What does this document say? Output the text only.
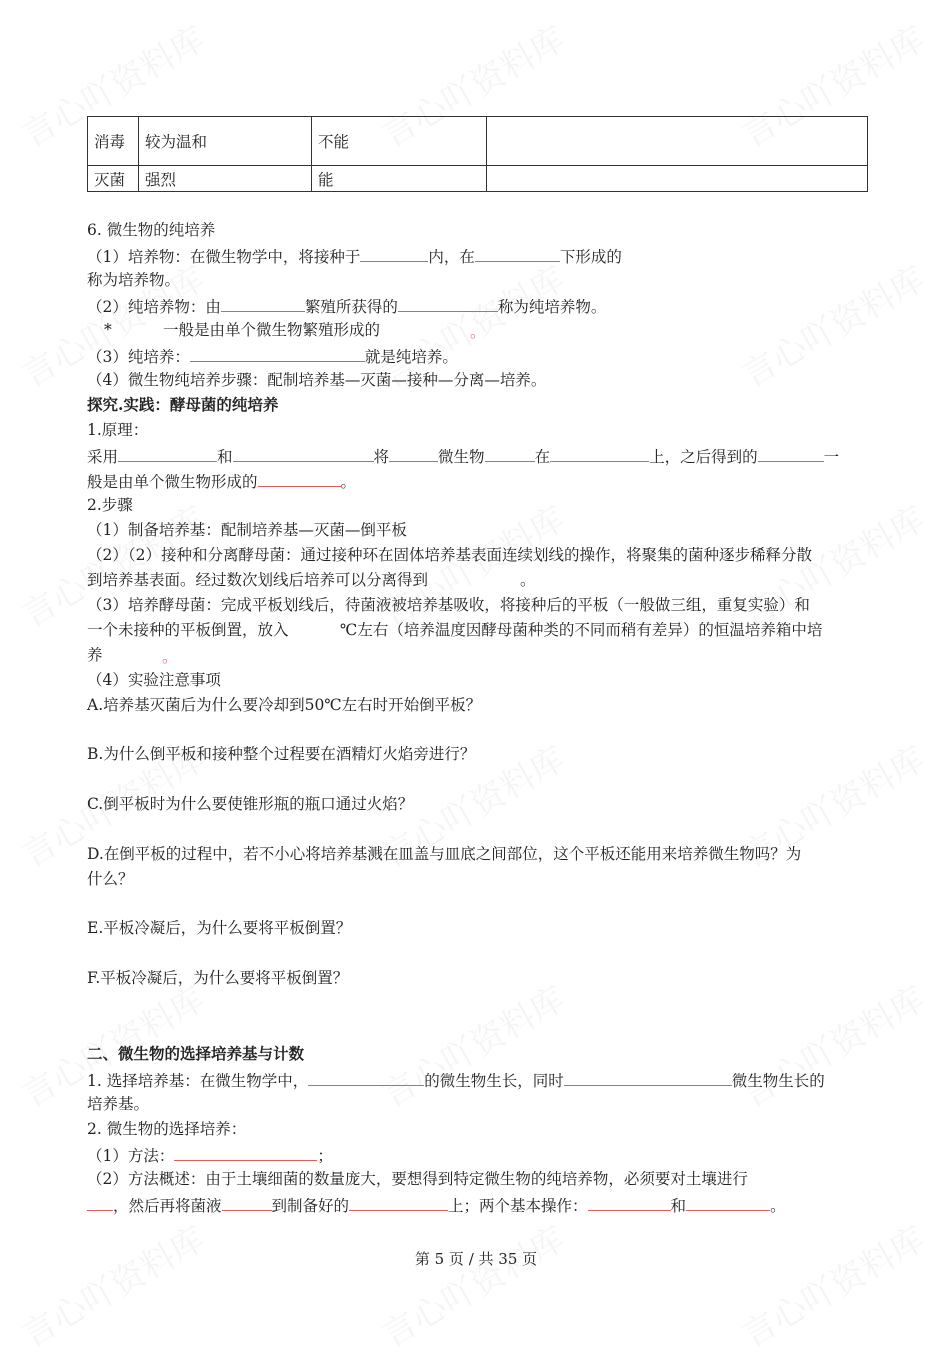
消毒	较为温和	不能	
灭菌	强烈	能	
6. 微生物的纯培养
（1）培养物：在微生物学中，将接种于	内，在	下形成的
称为培养物。
（2）纯培养物：由	繁殖所获得的	称为纯培养物。
*	一般是由单个微生物繁殖形成的	。
（3）纯培养：	就是纯培养。
（4）微生物纯培养步骤：配制培养基—灭菌—接种—分离—培养。
探究.实践：酵母菌的纯培养
1.原理：
采用	和	将	微生物	在	上，之后得到的	一
般是由单个微生物形成的	。
2.步骤
（1）制备培养基：配制培养基—灭菌—倒平板
（2）（2）接种和分离酵母菌：通过接种环在固体培养基表面连续划线的操作，将聚集的菌种逐步稀释分散
到培养基表面。经过数次划线后培养可以分离得到	。
（3）培养酵母菌：完成平板划线后，待菌液被培养基吸收，将接种后的平板（一般做三组，重复实验）和
一个未接种的平板倒置，放入	℃左右（培养温度因酵母菌种类的不同而稍有差异）的恒温培养箱中培
养	。
（4）实验注意事项
A.培养基灭菌后为什么要冷却到50℃左右时开始倒平板？
B.为什么倒平板和接种整个过程要在酒精灯火焰旁进行？
C.倒平板时为什么要使锥形瓶的瓶口通过火焰？
D.在倒平板的过程中，若不小心将培养基溅在皿盖与皿底之间部位，这个平板还能用来培养微生物吗？为
什么？
E.平板冷凝后，为什么要将平板倒置？
F.平板冷凝后，为什么要将平板倒置？
二、微生物的选择培养基与计数
1. 选择培养基：在微生物学中，	的微生物生长，同时	微生物生长的
培养基。
2. 微生物的选择培养：
（1）方法：	；
（2）方法概述：由于土壤细菌的数量庞大，要想得到特定微生物的纯培养物，必须要对土壤进行
，然后再将菌液	到制备好的	上；两个基本操作：	和	。
第 5 页 / 共 35 页
